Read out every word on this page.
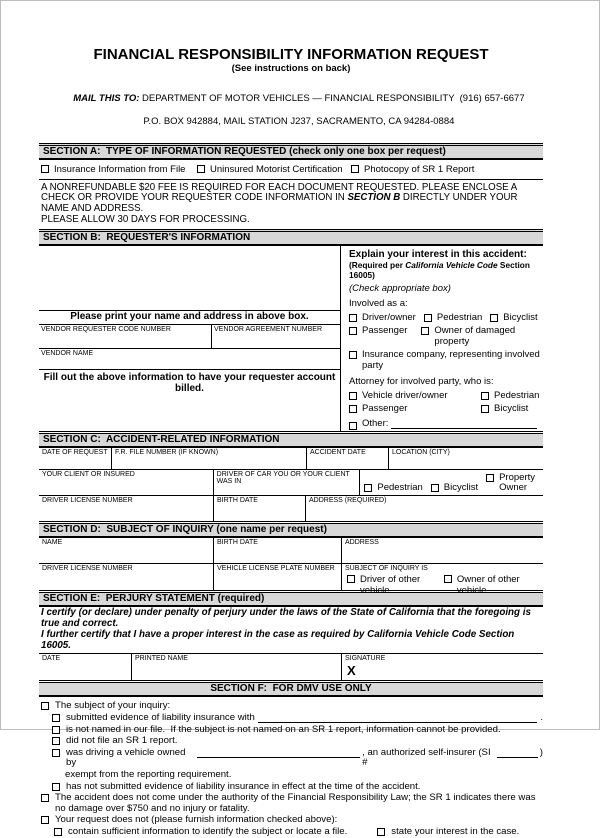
FINANCIAL RESPONSIBILITY INFORMATION REQUEST
(See instructions on back)

MAIL THIS TO: DEPARTMENT OF MOTOR VEHICLES — FINANCIAL RESPONSIBILITY  (916) 657-6677

P.O. BOX 942884, MAIL STATION J237, SACRAMENTO, CA 94284-0884

SECTION A:  TYPE OF INFORMATION REQUESTED (check only one box per request)
Insurance Information from File	Uninsured Motorist Certification Photocopy of SR 1 Report
A NONREFUNDABLE $20 FEE IS REQUIRED FOR EACH DOCUMENT REQUESTED. PLEASE ENCLOSE A CHECK OR PROVIDE YOUR REQUESTER CODE INFORMATION IN SECTION B DIRECTLY UNDER YOUR NAME AND ADDRESS.
PLEASE ALLOW 30 DAYS FOR PROCESSING.
SECTION B:  REQUESTER'S INFORMATION
Please print your name and address in above box.
VENDOR REQUESTER CODE NUMBER	VENDOR AGREEMENT NUMBER
VENDOR NAME
Fill out the above information to have your requester account billed.
Explain your interest in this accident:
(Required per California Vehicle Code Section 16005)
(Check appropriate box)
Involved as a:
Driver/owner Pedestrian Bicyclist
Passenger	Owner of damaged property
Insurance company, representing involved party
Attorney for involved party, who is:
Vehicle driver/owner	Pedestrian
Passenger	Bicyclist
Other:
SECTION C:  ACCIDENT-RELATED INFORMATION
DATE OF REQUEST	F.R. FILE NUMBER (IF KNOWN)	ACCIDENT DATE	LOCATION (CITY)
YOUR CLIENT OR INSURED	DRIVER OF CAR YOU OR YOUR CLIENT WAS IN
Pedestrian Bicyclist
Property Owner
DRIVER LICENSE NUMBER	BIRTH DATE	ADDRESS (REQUIRED)
SECTION D:  SUBJECT OF INQUIRY (one name per request)
NAME	BIRTH DATE	ADDRESS
DRIVER LICENSE NUMBER	VEHICLE LICENSE PLATE NUMBER	SUBJECT OF INQUIRY IS
Driver of other vehicle
Owner of other vehicle
SECTION E:  PERJURY STATEMENT (required)
I certify (or declare) under penalty of perjury under the laws of the State of California that the foregoing is true and correct.
I further certify that I have a proper interest in the case as required by California Vehicle Code Section 16005.
DATE	PRINTED NAME	SIGNATURE
X
SECTION F:  FOR DMV USE ONLY
The subject of your inquiry:
submitted evidence of liability insurance with	.
is not named in our file.  If the subject is not named on an SR 1 report, information cannot be provided.
did not file an SR 1 report.
was driving a vehicle owned by
, an authorized self-insurer (SI #
)
exempt from the reporting requirement.
has not submitted evidence of liability insurance in effect at the time of the accident.
The accident does not come under the authority of the Financial Responsibility Law; the SR 1 indicates there was no damage over $750 and no injury or fatality.
Your request does not (please furnish information checked above):
contain sufficient information to identify the subject or locate a file.	state your interest in the case.
